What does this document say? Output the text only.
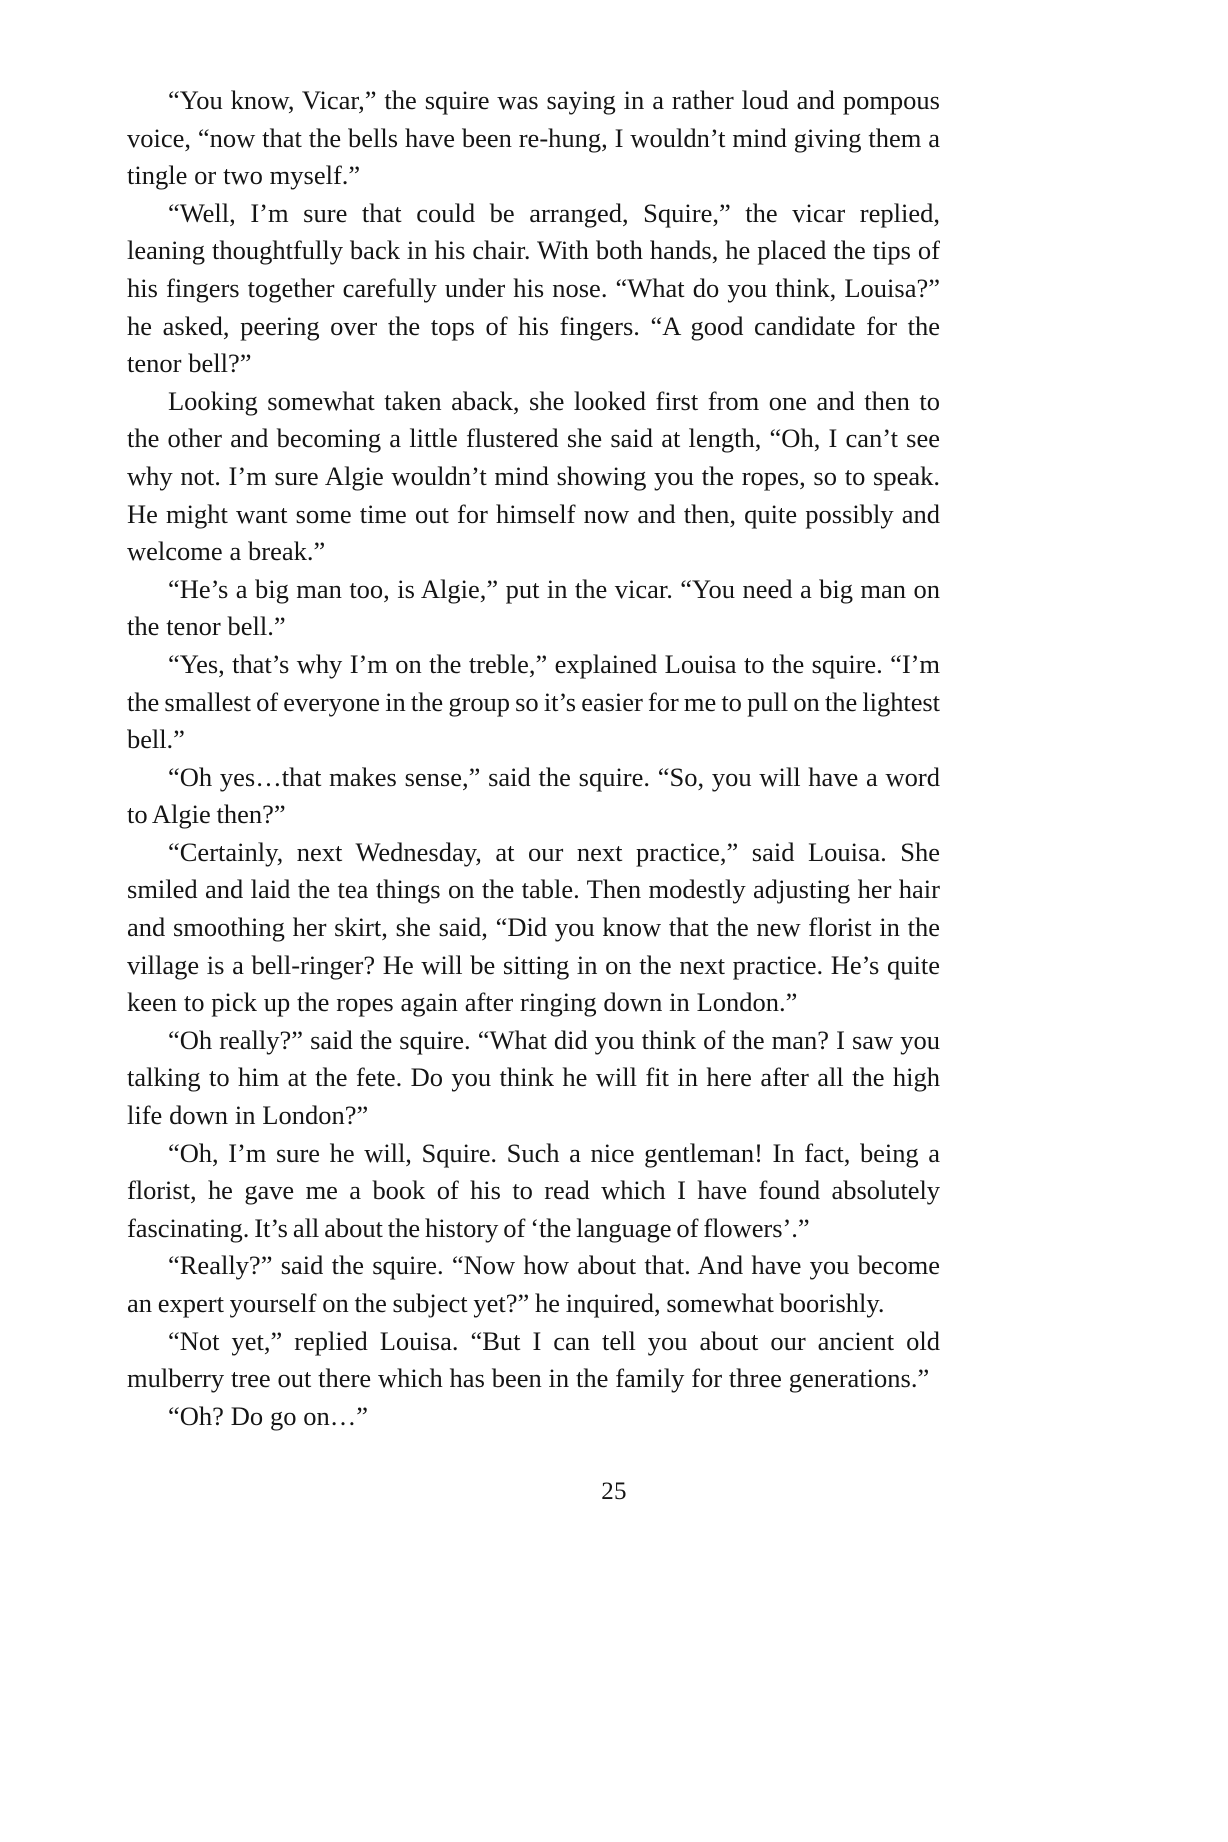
“You know, Vicar,” the squire was saying in a rather loud and pompous voice, “now that the bells have been re-hung, I wouldn’t mind giving them a tingle or two myself.”

“Well, I’m sure that could be arranged, Squire,” the vicar replied, leaning thoughtfully back in his chair. With both hands, he placed the tips of his fingers together carefully under his nose. “What do you think, Louisa?” he asked, peering over the tops of his fingers. “A good candidate for the tenor bell?”

Looking somewhat taken aback, she looked first from one and then to the other and becoming a little flustered she said at length, “Oh, I can’t see why not. I’m sure Algie wouldn’t mind showing you the ropes, so to speak. He might want some time out for himself now and then, quite possibly and welcome a break.”

“He’s a big man too, is Algie,” put in the vicar. “You need a big man on the tenor bell.”

“Yes, that’s why I’m on the treble,” explained Louisa to the squire. “I’m the smallest of everyone in the group so it’s easier for me to pull on the lightest bell.”

“Oh yes…that makes sense,” said the squire. “So, you will have a word to Algie then?”

“Certainly, next Wednesday, at our next practice,” said Louisa. She smiled and laid the tea things on the table. Then modestly adjusting her hair and smoothing her skirt, she said, “Did you know that the new florist in the village is a bell-ringer? He will be sitting in on the next practice. He’s quite keen to pick up the ropes again after ringing down in London.”

“Oh really?” said the squire. “What did you think of the man? I saw you talking to him at the fete. Do you think he will fit in here after all the high life down in London?”

“Oh, I’m sure he will, Squire. Such a nice gentleman! In fact, being a florist, he gave me a book of his to read which I have found absolutely fascinating. It’s all about the history of ‘the language of flowers’.”

“Really?” said the squire. “Now how about that. And have you become an expert yourself on the subject yet?” he inquired, somewhat boorishly.

“Not yet,” replied Louisa. “But I can tell you about our ancient old mulberry tree out there which has been in the family for three generations.”

“Oh? Do go on…”

25
